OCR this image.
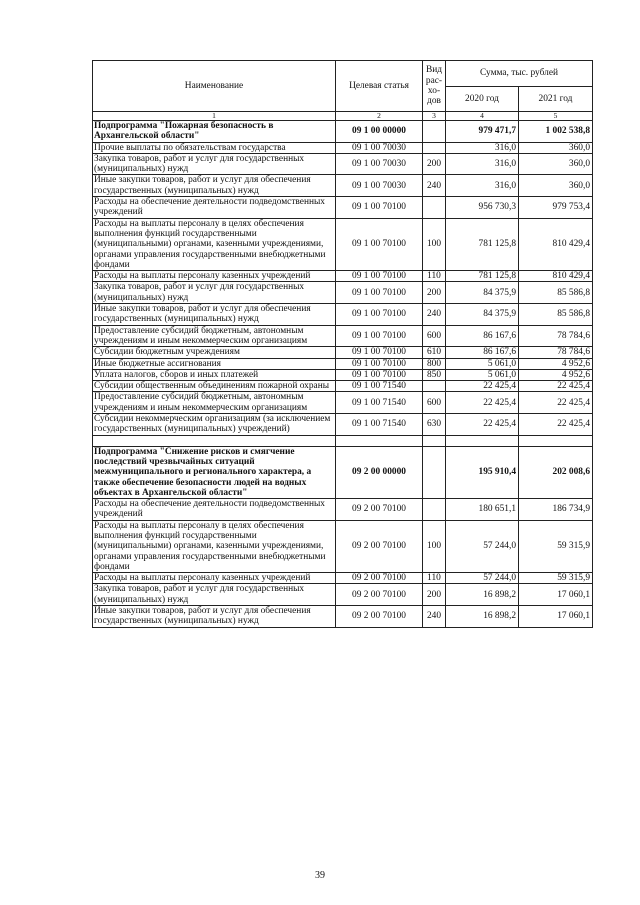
Наименование	Целевая статья	Вид рас-хо-дов	Сумма, тыс. рублей	
			2020 год	2021 год
1	2	3	4	5
Подпрограмма "Пожарная безопасность в Архангельской области"	09 1 00 00000		979 471,7	1 002 538,8
Прочие выплаты по обязательствам государства	09 1 00 70030		316,0	360,0
Закупка товаров, работ и услуг для государственных (муниципальных) нужд	09 1 00 70030	200	316,0	360,0
Иные закупки товаров, работ и услуг для обеспечения государственных (муниципальных) нужд	09 1 00 70030	240	316,0	360,0
Расходы на обеспечение деятельности подведомственных учреждений	09 1 00 70100		956 730,3	979 753,4
Расходы на выплаты персоналу в целях обеспечения выполнения функций государственными (муниципальными) органами, казенными учреждениями, органами управления государственными внебюджетными фондами	09 1 00 70100	100	781 125,8	810 429,4
Расходы на выплаты персоналу казенных учреждений	09 1 00 70100	110	781 125,8	810 429,4
Закупка товаров, работ и услуг для государственных (муниципальных) нужд	09 1 00 70100	200	84 375,9	85 586,8
Иные закупки товаров, работ и услуг для обеспечения государственных (муниципальных) нужд	09 1 00 70100	240	84 375,9	85 586,8
Предоставление субсидий бюджетным, автономным учреждениям и иным некоммерческим организациям	09 1 00 70100	600	86 167,6	78 784,6
Субсидии бюджетным учреждениям	09 1 00 70100	610	86 167,6	78 784,6
Иные бюджетные ассигнования	09 1 00 70100	800	5 061,0	4 952,6
Уплата налогов, сборов и иных платежей	09 1 00 70100	850	5 061,0	4 952,6
Субсидии общественным объединениям пожарной охраны	09 1 00 71540		22 425,4	22 425,4
Предоставление субсидий бюджетным, автономным учреждениям и иным некоммерческим организациям	09 1 00 71540	600	22 425,4	22 425,4
Субсидии некоммерческим организациям (за исключением государственных (муниципальных) учреждений)	09 1 00 71540	630	22 425,4	22 425,4

Подпрограмма "Снижение рисков и смягчение последствий чрезвычайных ситуаций межмуниципального и регионального характера, а также обеспечение безопасности людей на водных объектах в Архангельской области"	09 2 00 00000		195 910,4	202 008,6
Расходы на обеспечение деятельности подведомственных учреждений	09 2 00 70100		180 651,1	186 734,9
Расходы на выплаты персоналу в целях обеспечения выполнения функций государственными (муниципальными) органами, казенными учреждениями, органами управления государственными внебюджетными фондами	09 2 00 70100	100	57 244,0	59 315,9
Расходы на выплаты персоналу казенных учреждений	09 2 00 70100	110	57 244,0	59 315,9
Закупка товаров, работ и услуг для государственных (муниципальных) нужд	09 2 00 70100	200	16 898,2	17 060,1
Иные закупки товаров, работ и услуг для обеспечения государственных (муниципальных) нужд	09 2 00 70100	240	16 898,2	17 060,1
39
